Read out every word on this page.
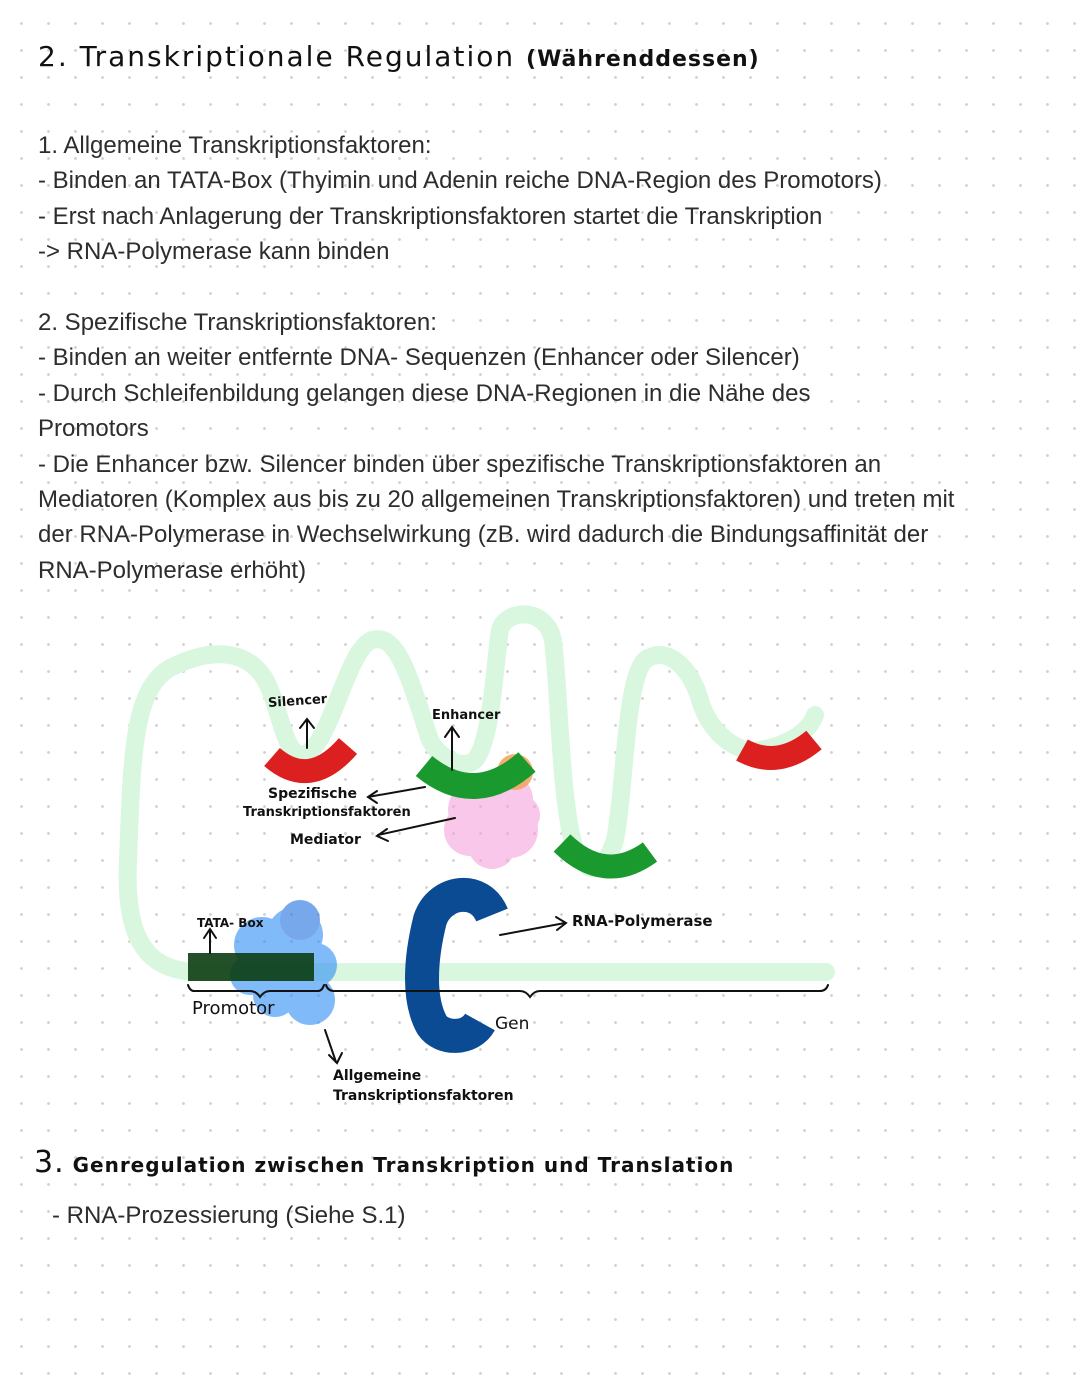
2. Transkriptionale Regulation (Währenddessen)
1. Allgemeine Transkriptionsfaktoren:
- Binden an TATA-Box (Thyimin und Adenin reiche DNA-Region des Promotors)
- Erst nach Anlagerung der Transkriptionsfaktoren startet die Transkription
-> RNA-Polymerase kann binden
2. Spezifische Transkriptionsfaktoren:
- Binden an weiter entfernte DNA- Sequenzen (Enhancer oder Silencer)
- Durch Schleifenbildung gelangen diese DNA-Regionen in die Nähe des Promotors
- Die Enhancer bzw. Silencer binden über spezifische Transkriptionsfaktoren an Mediatoren (Komplex aus bis zu 20 allgemeinen Transkriptionsfaktoren) und treten mit der RNA-Polymerase in Wechselwirkung (zB. wird dadurch die Bindungsaffinität der RNA-Polymerase erhöht)
Silencer
Enhancer
Spezifische
Transkriptionsfaktoren
Mediator
TATA- Box
Promotor
RNA-Polymerase
Gen
Allgemeine
Transkriptionsfaktoren
3. Genregulation zwischen Transkription und Translation
- RNA-Prozessierung (Siehe S.1)
